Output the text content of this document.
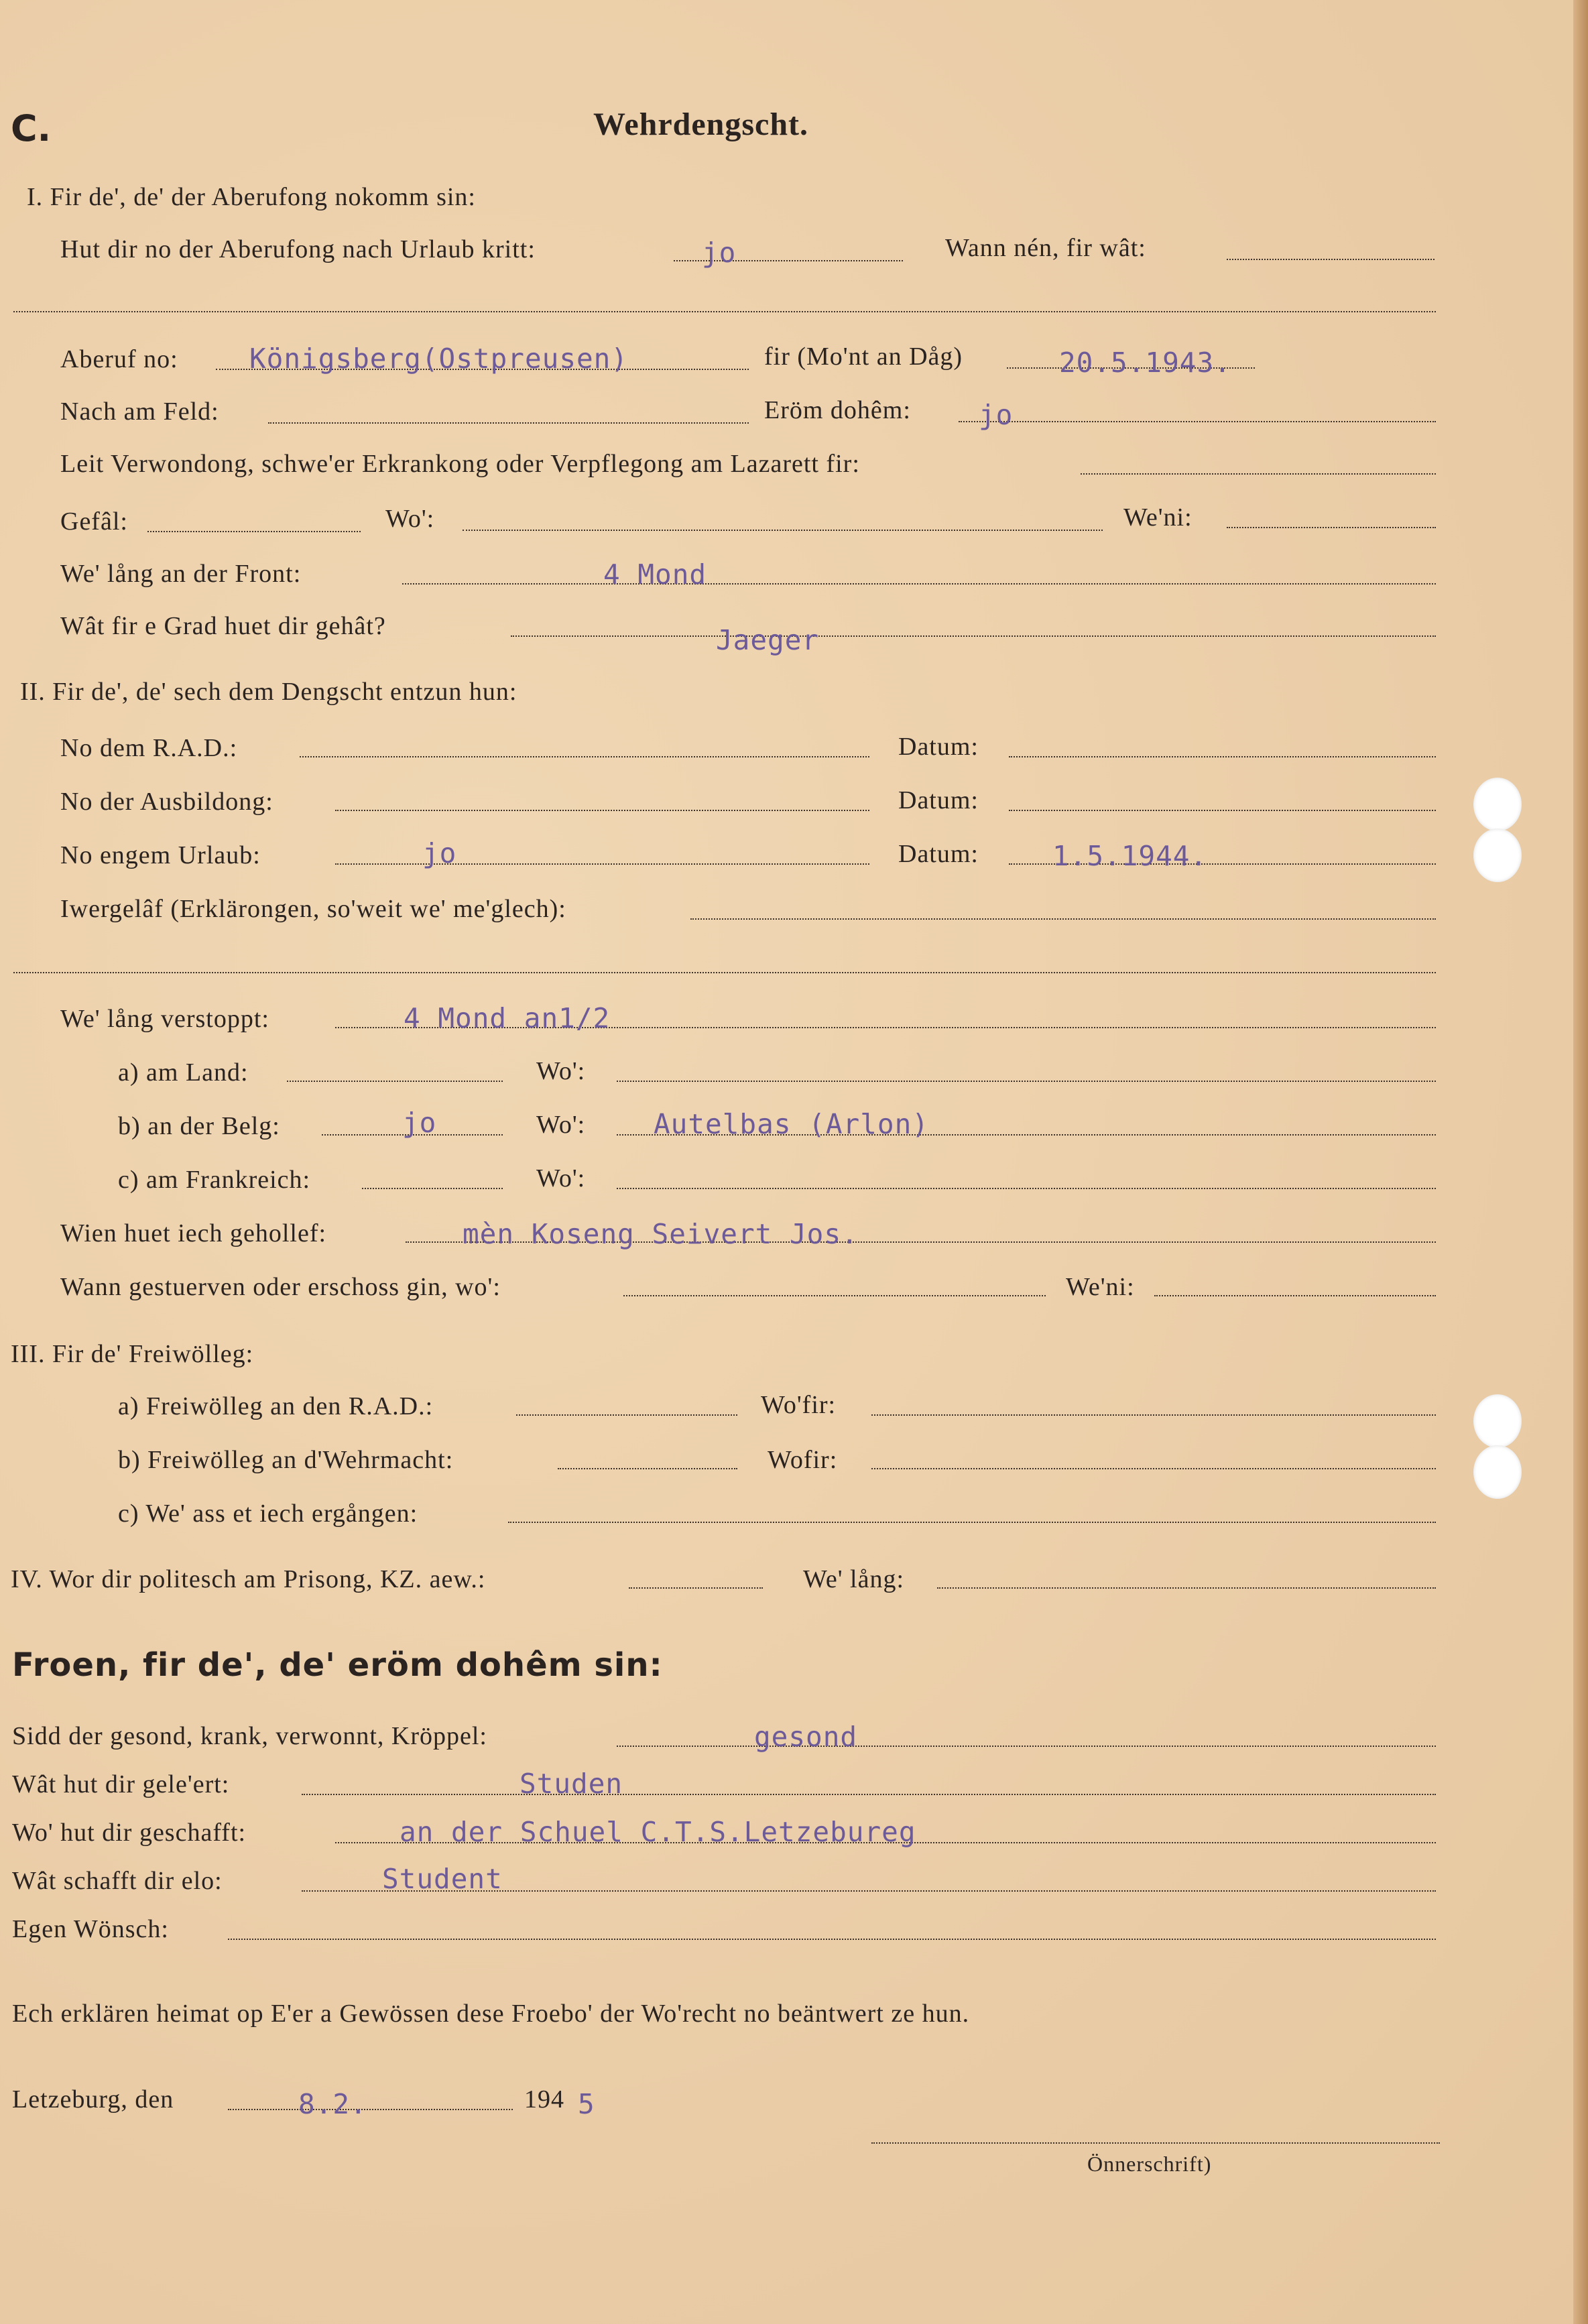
C.	Wehrdengscht.
I. Fir de', de' der Aberufong nokomm sin:
Hut dir no der Aberufong nach Urlaub kritt:	jo	Wann nén, fir wât:
Aberuf no:	Königsberg(Ostpreusen)	fir (Mo'nt an Dåg)	20.5.1943.
Nach am Feld:	Eröm dohêm: jo
Leit Verwondong, schwe'er Erkrankong oder Verpflegong am Lazarett fir:
Gefâl:	Wo':	We'ni:
We' lång an der Front:	4 Mond
Wât fir e Grad huet dir gehât?	Jaeger
II. Fir de', de' sech dem Dengscht entzun hun:
No dem R.A.D.:	Datum:
No der Ausbildong:	Datum:
No engem Urlaub:	jo	Datum:	1.5.1944.
Iwergelâf (Erklärongen, so'weit we' me'glech):
We' lång verstoppt:	4 Mond an1/2
a) am Land:	Wo':
b) an der Belg:	jo	Wo': Autelbas (Arlon)
c) am Frankreich:	Wo':
Wien huet iech gehollef:	mèn Koseng Seivert Jos.
Wann gestuerven oder erschoss gin, wo':	We'ni:
III. Fir de' Freiwölleg:
a) Freiwölleg an den R.A.D.:	Wo'fir:
b) Freiwölleg an d'Wehrmacht:	Wofir:
c) We' ass et iech ergången:
IV. Wor dir politesch am Prisong, KZ. aew.:	We' lång:
Froen, fir de', de' eröm dohêm sin:
Sidd der gesond, krank, verwonnt, Kröppel:	gesond
Wât hut dir gele'ert:	Studen
Wo' hut dir geschafft:	an der Schuel C.T.S.Letzebureg
Wât schafft dir elo:	Student
Egen Wönsch:
Ech erklären heimat op E'er a Gewössen dese Froebo' der Wo'recht no beäntwert ze hun.
Letzeburg, den	8.2.	194 5
Önnerschrift)
